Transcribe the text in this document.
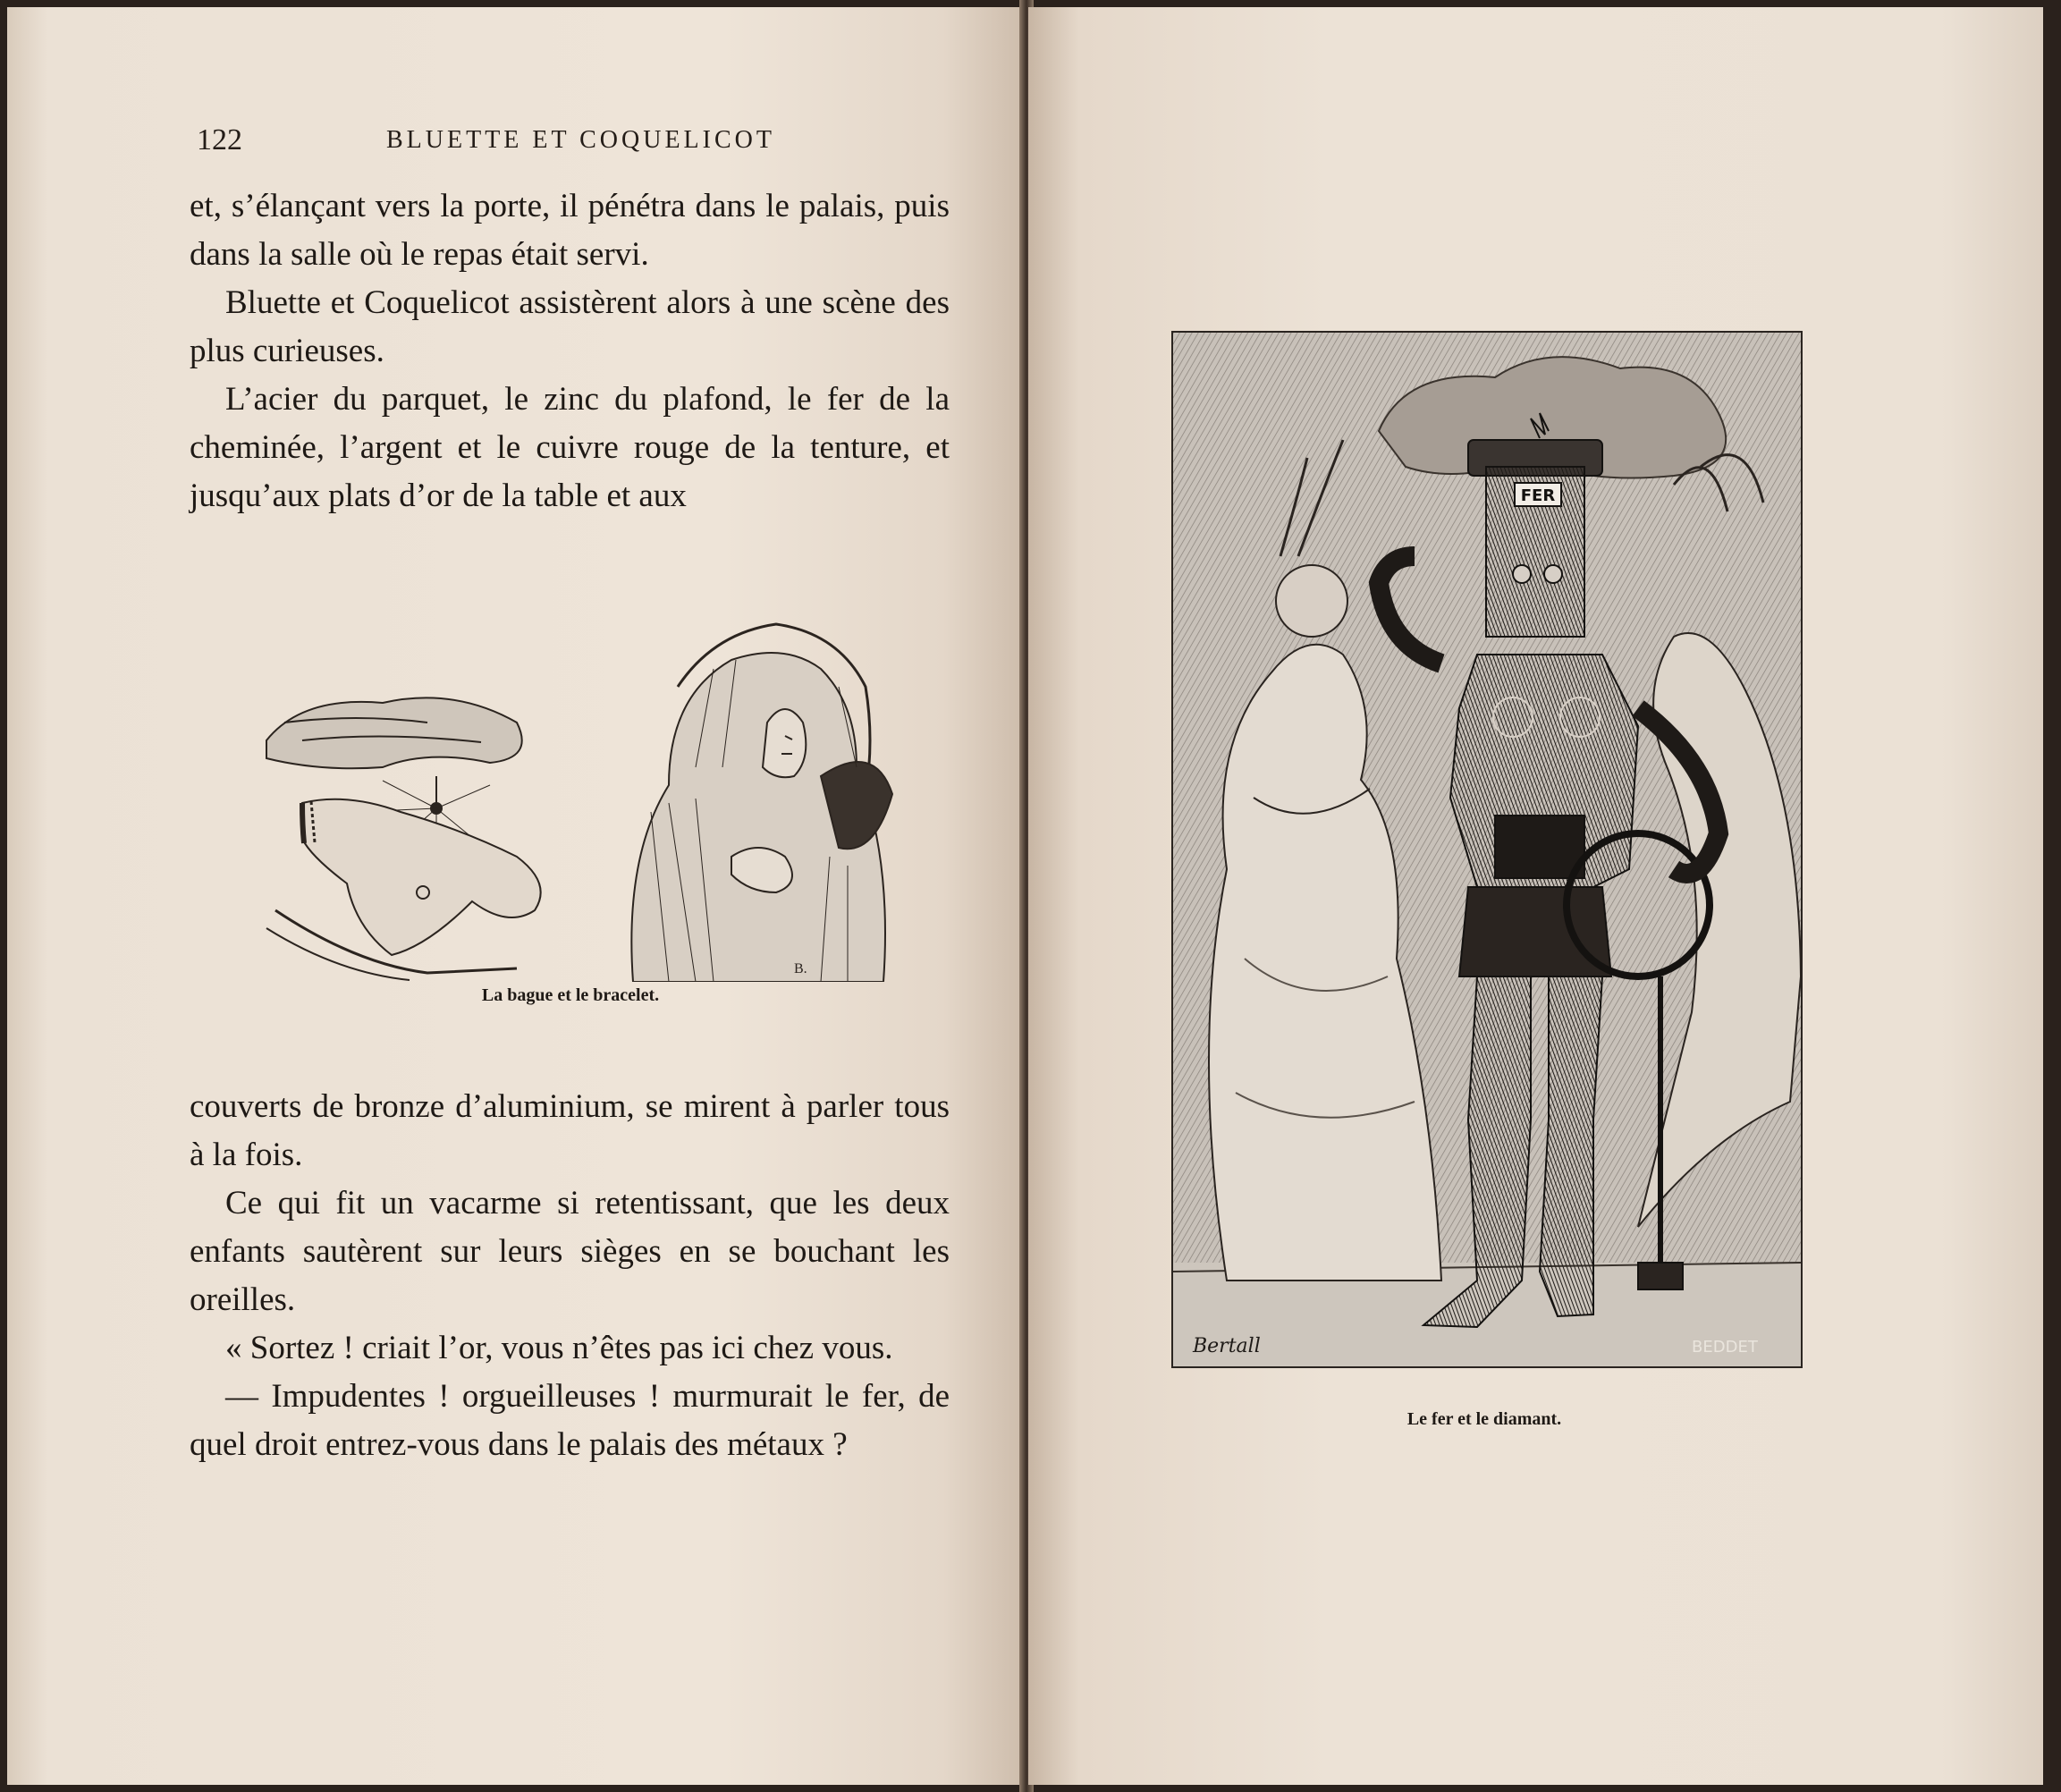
122	BLUETTE ET COQUELICOT

et, s’élançant vers la porte, il pénétra dans le palais, puis dans la salle où le repas était servi.

Bluette et Coquelicot assistèrent alors à une scène des plus curieuses.

L’acier du parquet, le zinc du plafond, le fer de la cheminée, l’argent et le cuivre rouge de la tenture, et jusqu’aux plats d’or de la table et aux

B.
La bague et le bracelet.

couverts de bronze d’aluminium, se mirent à parler tous à la fois.

Ce qui fit un vacarme si retentissant, que les deux enfants sautèrent sur leurs sièges en se bouchant les oreilles.

« Sortez ! criait l’or, vous n’êtes pas ici chez vous.

— Impudentes ! orgueilleuses ! murmurait le fer, de quel droit entrez-vous dans le palais des métaux ?

FER
Bertall	BEDDET
Le fer et le diamant.
